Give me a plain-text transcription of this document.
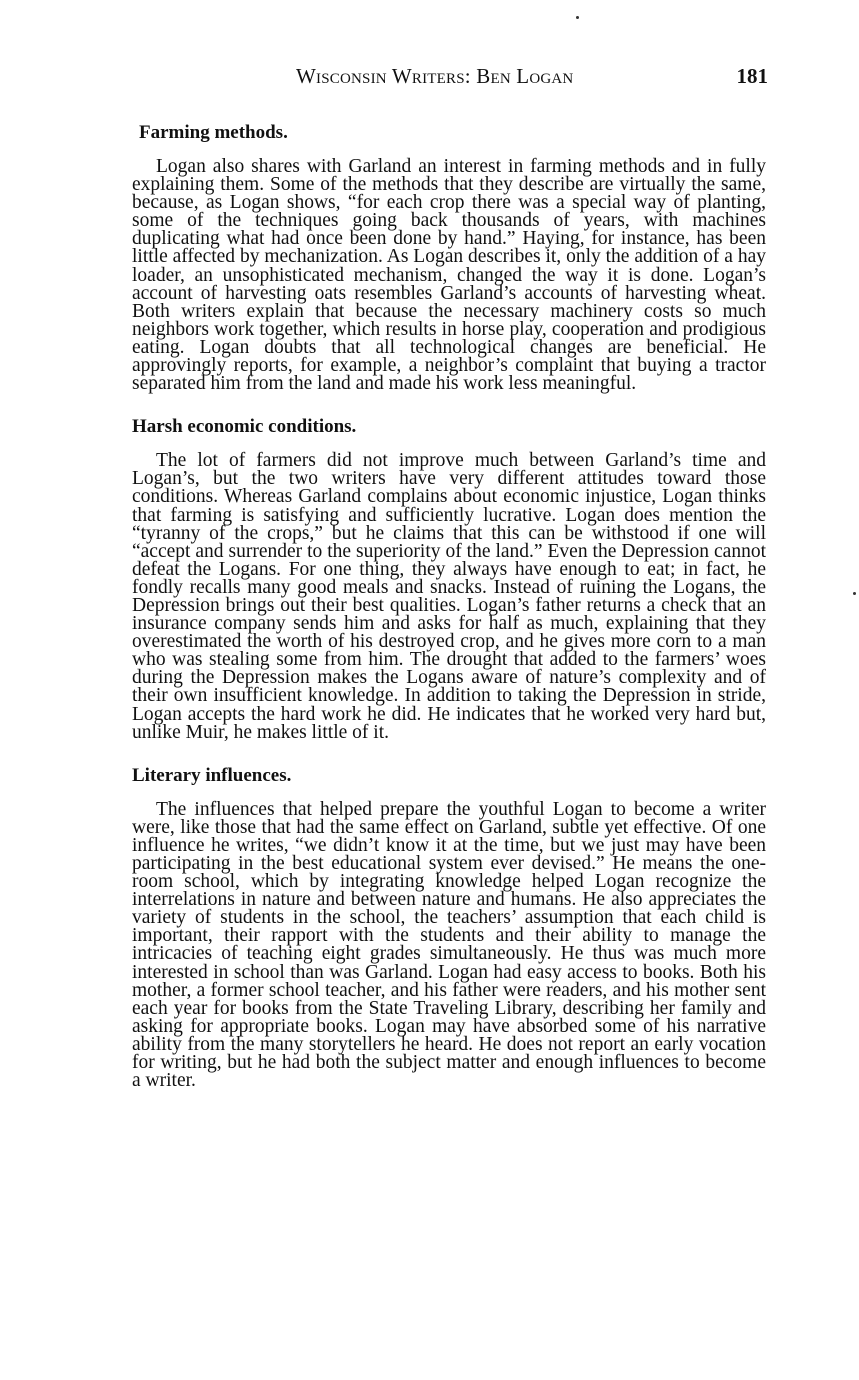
Wisconsin Writers: Ben Logan	181
Farming methods.

Logan also shares with Garland an interest in farming methods and in fully explaining them. Some of the methods that they describe are virtually the same, because, as Logan shows, “for each crop there was a special way of planting, some of the techniques going back thousands of years, with machines duplicating what had once been done by hand.” Haying, for instance, has been little affected by mechanization. As Logan describes it, only the addition of a hay loader, an unsophisticated mechanism, changed the way it is done. Logan’s account of harvesting oats resembles Garland’s accounts of harvesting wheat. Both writers explain that because the necessary machinery costs so much neighbors work together, which results in horse play, cooperation and prodigious eating. Logan doubts that all technological changes are beneficial. He approvingly reports, for example, a neighbor’s complaint that buying a tractor separated him from the land and made his work less meaningful.

Harsh economic conditions.

The lot of farmers did not improve much between Garland’s time and Logan’s, but the two writers have very different attitudes toward those conditions. Whereas Garland complains about economic injustice, Logan thinks that farming is satisfying and sufficiently lucrative. Logan does mention the “tyranny of the crops,” but he claims that this can be withstood if one will “accept and surrender to the superiority of the land.” Even the Depression cannot defeat the Logans. For one thing, they always have enough to eat; in fact, he fondly recalls many good meals and snacks. Instead of ruining the Logans, the Depression brings out their best qualities. Logan’s father returns a check that an insurance company sends him and asks for half as much, explaining that they overestimated the worth of his destroyed crop, and he gives more corn to a man who was stealing some from him. The drought that added to the farmers’ woes during the Depression makes the Logans aware of nature’s complexity and of their own insufficient knowledge. In addition to taking the Depression in stride, Logan accepts the hard work he did. He indicates that he worked very hard but, unlike Muir, he makes little of it.

Literary influences.

The influences that helped prepare the youthful Logan to become a writer were, like those that had the same effect on Garland, subtle yet effective. Of one influence he writes, “we didn’t know it at the time, but we just may have been participating in the best educational system ever devised.” He means the one-room school, which by integrating knowledge helped Logan recognize the interrelations in nature and between nature and humans. He also appreciates the variety of students in the school, the teachers’ assumption that each child is important, their rapport with the students and their ability to manage the intricacies of teaching eight grades simultaneously. He thus was much more interested in school than was Garland. Logan had easy access to books. Both his mother, a former school teacher, and his father were readers, and his mother sent each year for books from the State Traveling Library, describing her family and asking for appropriate books. Logan may have absorbed some of his narrative ability from the many storytellers he heard. He does not report an early vocation for writing, but he had both the subject matter and enough influences to become a writer.
